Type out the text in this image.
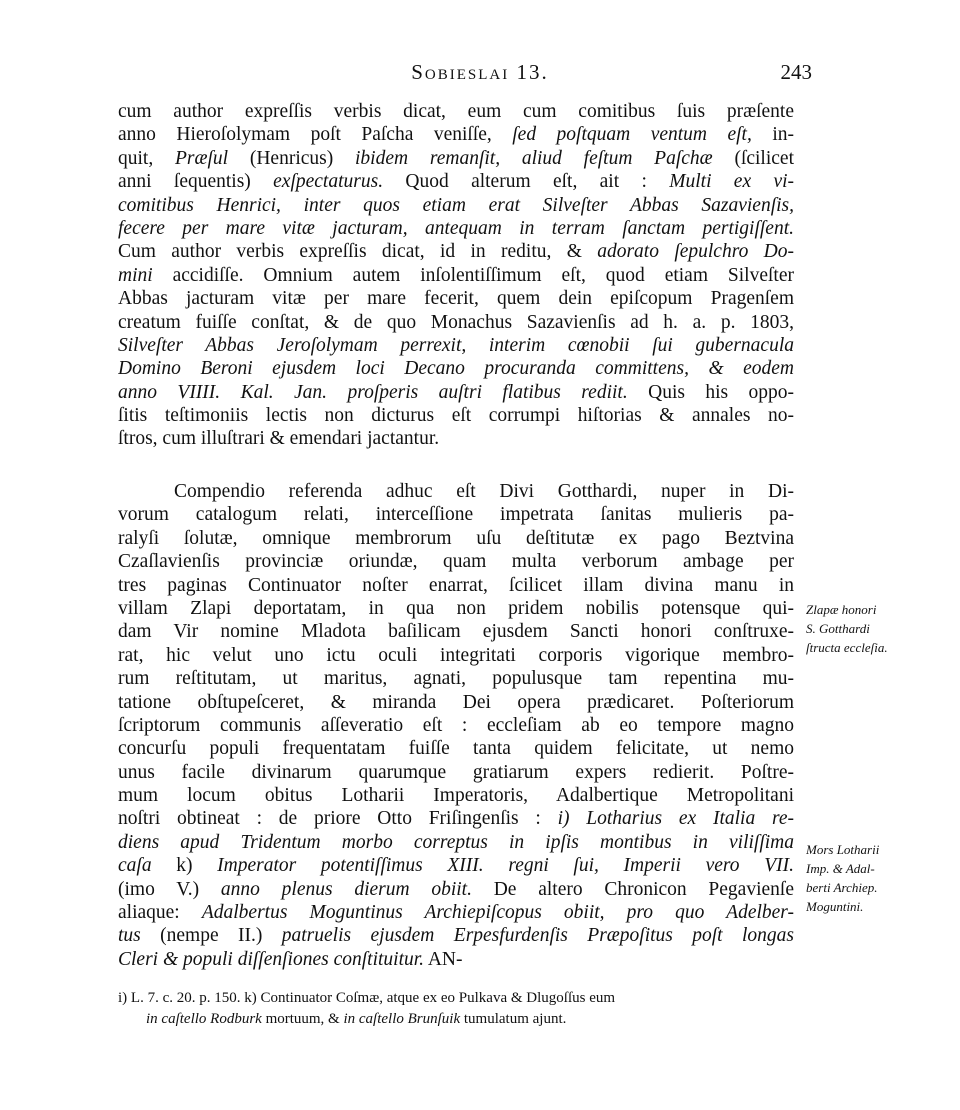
Sobieslai 13.	243
cum author expreſſis verbis dicat, eum cum comitibus ſuis præſente
anno Hieroſolymam poſt Paſcha veniſſe, ſed poſtquam ventum eſt, in-
quit, Præſul (Henricus) ibidem remanſit, aliud feſtum Paſchæ (ſcilicet
anni ſequentis) exſpectaturus. Quod alterum eſt, ait : Multi ex vi-
comitibus Henrici, inter quos etiam erat Silveſter Abbas Sazavienſis,
fecere per mare vitæ jacturam, antequam in terram ſanctam pertigiſſent.
Cum author verbis expreſſis dicat, id in reditu, & adorato ſepulchro Do-
mini accidiſſe. Omnium autem inſolentiſſimum eſt, quod etiam Silveſter
Abbas jacturam vitæ per mare fecerit, quem dein epiſcopum Pragenſem
creatum fuiſſe conſtat, & de quo Monachus Sazavienſis ad h. a. p. 1803,
Silveſter Abbas Jeroſolymam perrexit, interim cœnobii ſui gubernacula
Domino Beroni ejusdem loci Decano procuranda committens, & eodem
anno VIIII. Kal. Jan. proſperis auſtri flatibus rediit. Quis his oppo-
ſitis teſtimoniis lectis non dicturus eſt corrumpi hiſtorias & annales no-
ſtros, cum illuſtrari & emendari jactantur.
Compendio referenda adhuc eſt Divi Gotthardi, nuper in Di-
vorum catalogum relati, interceſſione impetrata ſanitas mulieris pa-
ralyſi ſolutæ, omnique membrorum uſu deſtitutæ ex pago Beztvina
Czaſlavienſis provinciæ oriundæ, quam multa verborum ambage per
tres paginas Continuator noſter enarrat, ſcilicet illam divina manu in
villam Zlapi deportatam, in qua non pridem nobilis potensque qui-
dam Vir nomine Mladota baſilicam ejusdem Sancti honori conſtruxe-
rat, hic velut uno ictu oculi integritati corporis vigorique membro-
rum reſtitutam, ut maritus, agnati, populusque tam repentina mu-
tatione obſtupeſceret, & miranda Dei opera prædicaret. Poſteriorum
ſcriptorum communis aſſeveratio eſt : eccleſiam ab eo tempore magno
concurſu populi frequentatam fuiſſe tanta quidem felicitate, ut nemo
unus facile divinarum quarumque gratiarum expers redierit. Poſtre-
mum locum obitus Lotharii Imperatoris, Adalbertique Metropolitani
noſtri obtineat : de priore Otto Friſingenſis : i) Lotharius ex Italia re-
diens apud Tridentum morbo correptus in ipſis montibus in viliſſima
caſa k) Imperator potentiſſimus XIII. regni ſui, Imperii vero VII.
(imo V.) anno plenus dierum obiit. De altero Chronicon Pegavienſe
aliaque: Adalbertus Moguntinus Archiepiſcopus obiit, pro quo Adelber-
tus (nempe II.) patruelis ejusdem Erpesfurdenſis Præpoſitus poſt longas
Cleri & populi diſſenſiones conſtituitur. AN-
Zlapæ honori
S. Gotthardi
ſtructa eccleſia.
Mors Lotharii
Imp. & Adal-
berti Archiep.
Moguntini.
i) L. 7. c. 20. p. 150. k) Continuator Coſmæ, atque ex eo Pulkava & Dlugoſſus eum
in caſtello Rodburk mortuum, & in caſtello Brunſuik tumulatum ajunt.
